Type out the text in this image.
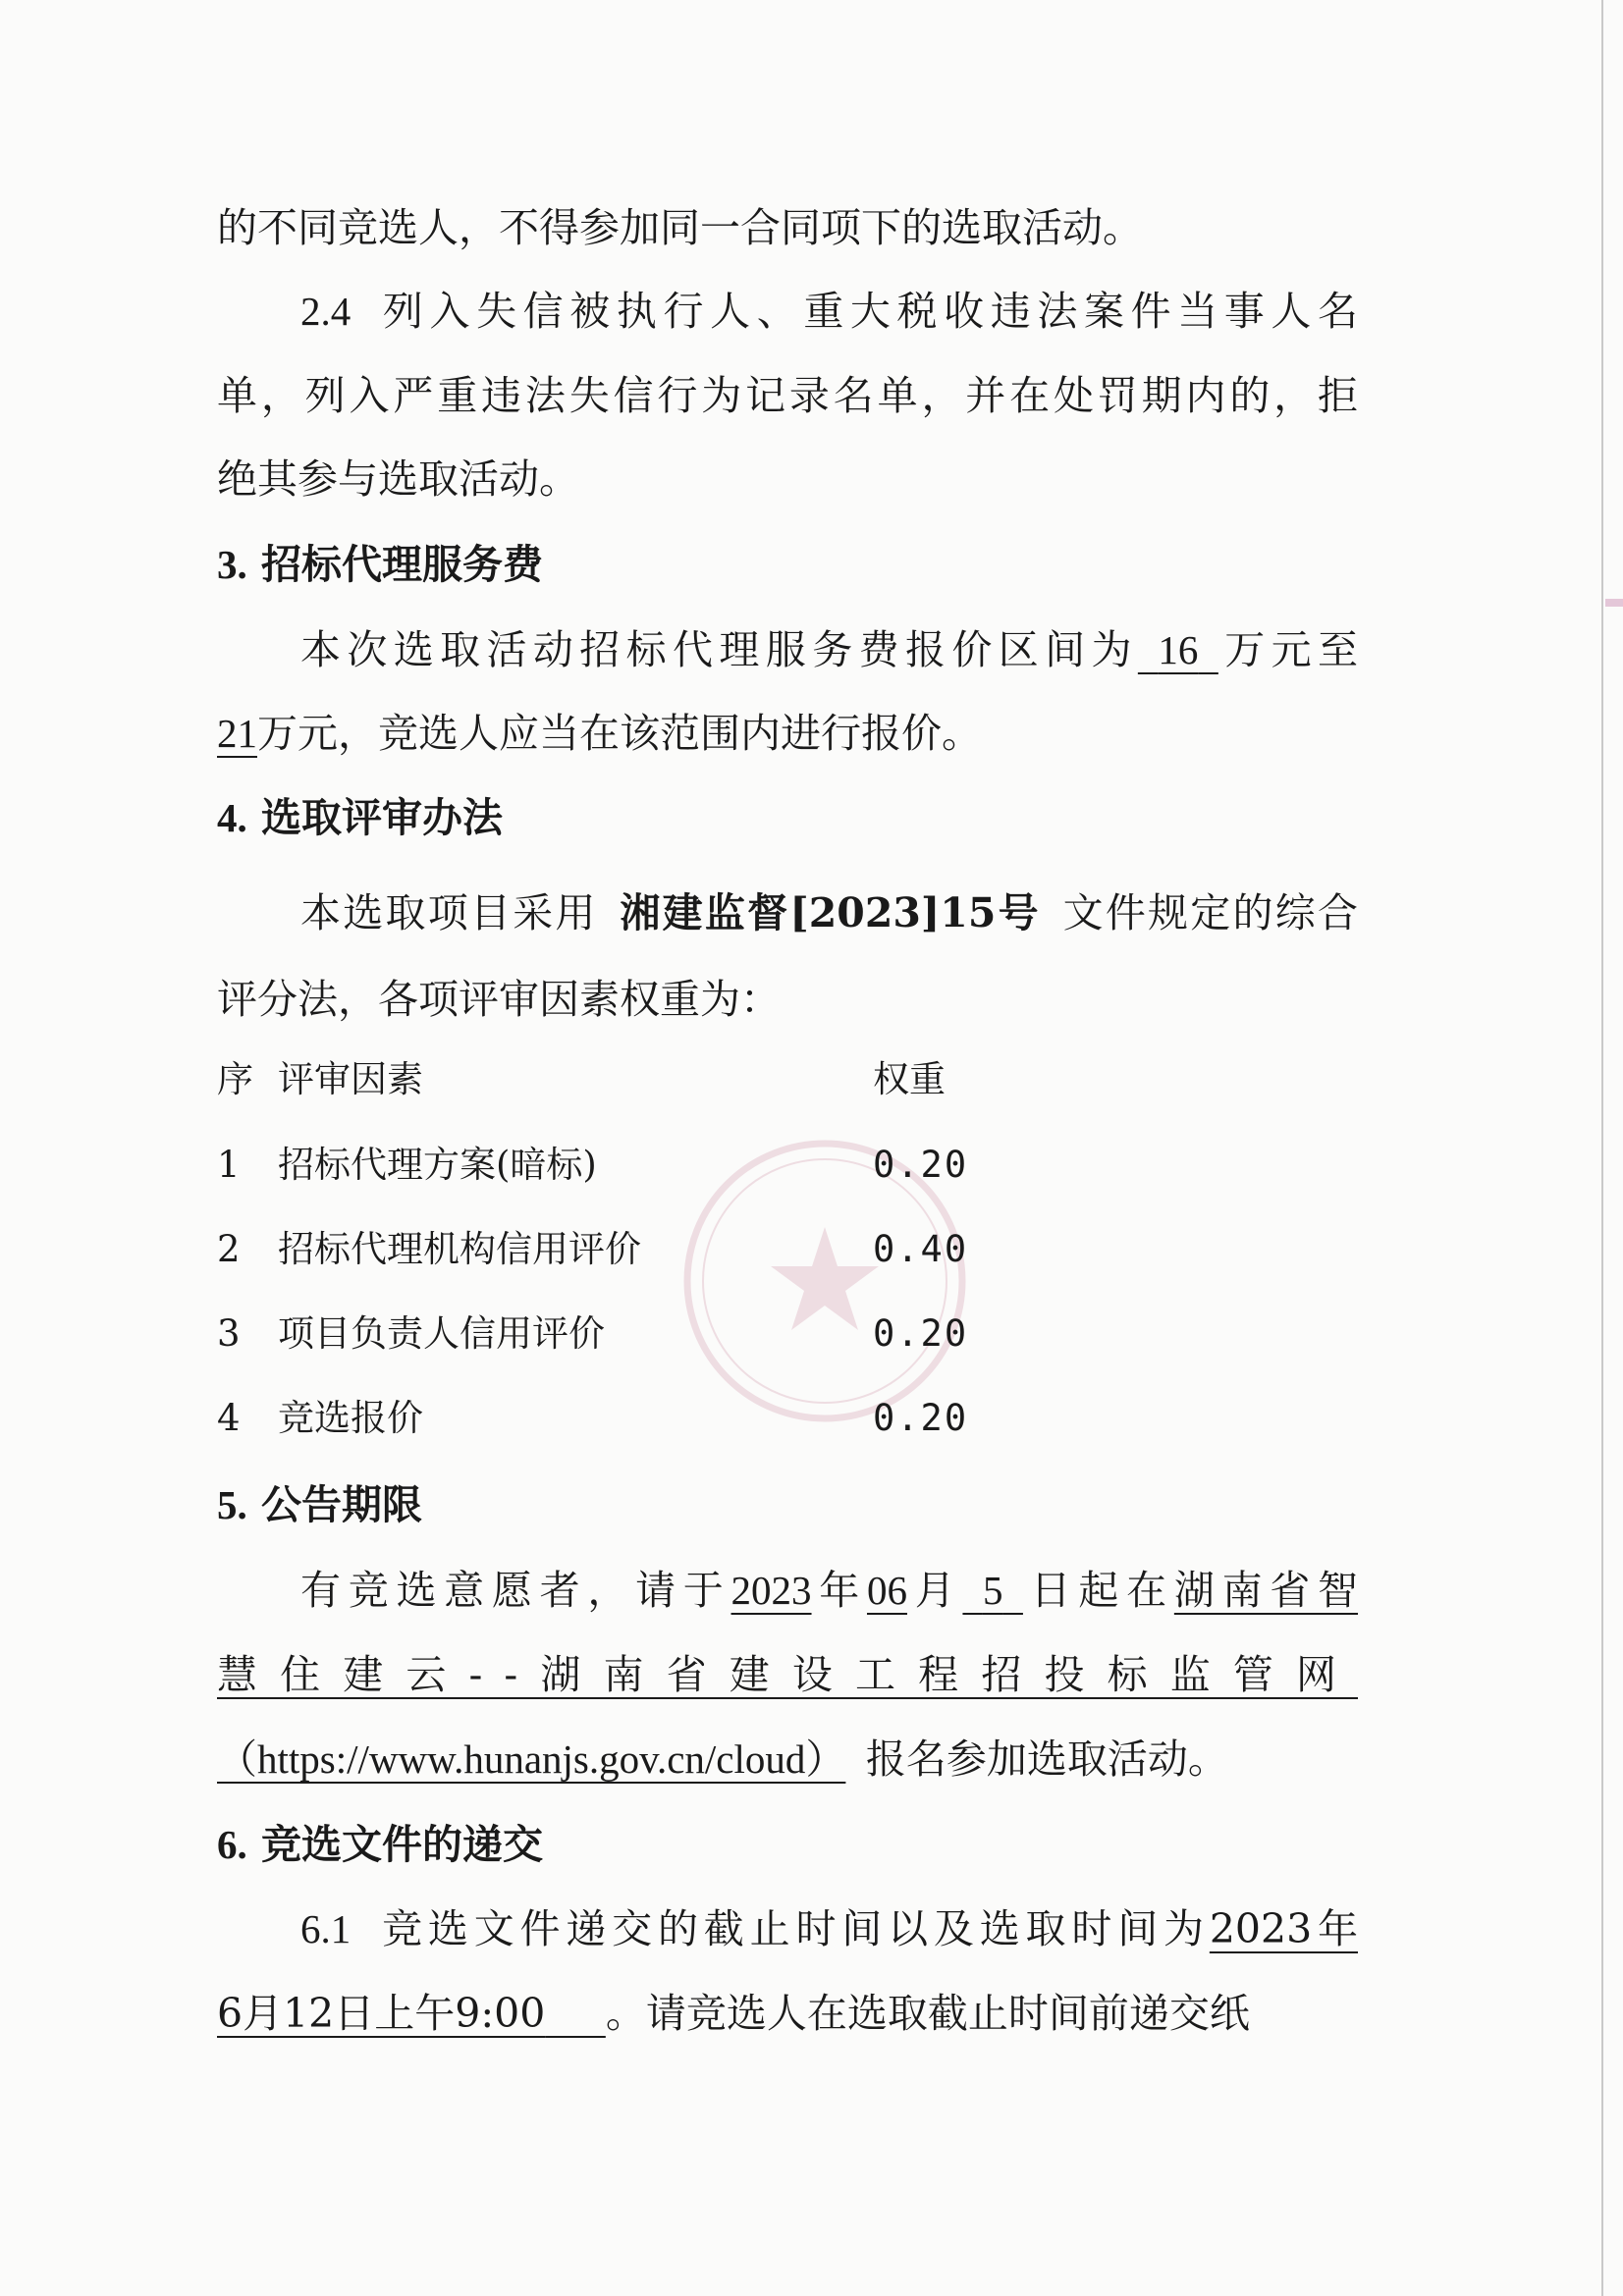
的不同竞选人，不得参加同一合同项下的选取活动。
2.4 列入失信被执行人、重大税收违法案件当事人名
单，列入严重违法失信行为记录名单，并在处罚期内的，拒
绝其参与选取活动。
3. 招标代理服务费
本次选取活动招标代理服务费报价区间为  16  万元至
21万元，竞选人应当在该范围内进行报价。
4. 选取评审办法
本选取项目采用  湘建监督[2023]15号  文件规定的综合
评分法，各项评审因素权重为：
序 评审因素	权重
1	招标代理方案(暗标)	0.20
2	招标代理机构信用评价	0.40
3	项目负责人信用评价	0.20
4	竞选报价	0.20
5. 公告期限
有竞选意愿者，请于2023年06月  5  日起在湖南省智
慧住建云--湖南省建设工程招投标监管网
（https://www.hunanjs.gov.cn/cloud）  报名参加选取活动。
6. 竞选文件的递交
6.1 竞选文件递交的截止时间以及选取时间为2023年
6月12日上午9:00    。请竞选人在选取截止时间前递交纸
